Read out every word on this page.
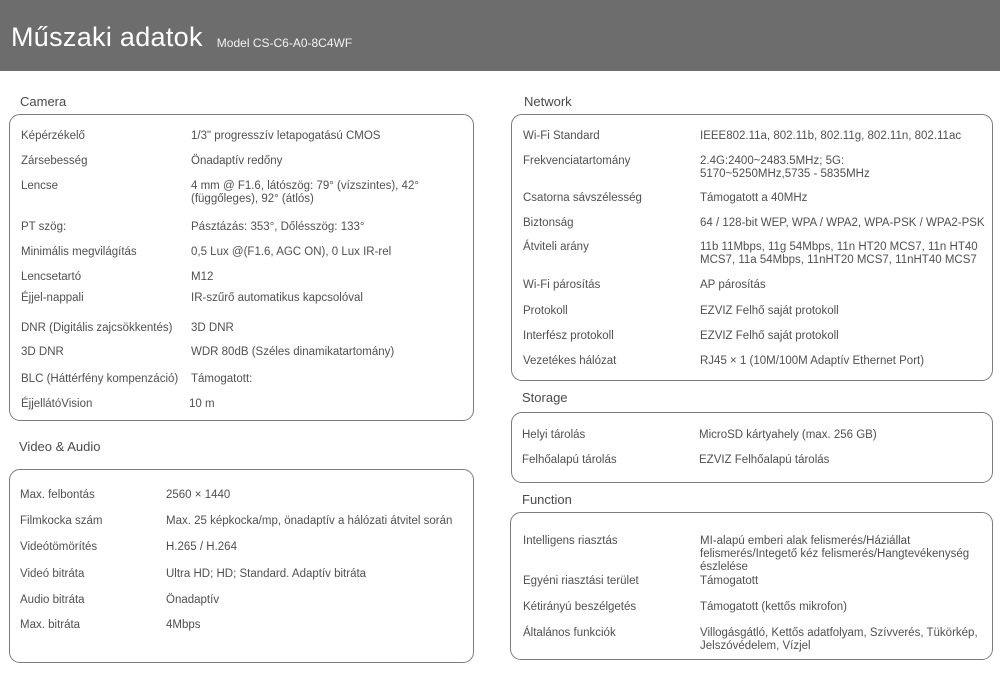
Műszaki adatok Model CS-C6-A0-8C4WF
Camera
Képérzékelő	1/3" progresszív letapogatású CMOS
Zársebesség	Önadaptív redőny
Lencse	4 mm @ F1.6, látószög: 79° (vízszintes), 42° (függőleges), 92° (átlós)
PT szög:	Pásztázás: 353°, Dőlésszög: 133°
Minimális megvilágítás	0,5 Lux @(F1.6, AGC ON), 0 Lux IR-rel
Lencsetartó	M12
Éjjel-nappali	IR-szűrő automatikus kapcsolóval
DNR (Digitális zajcsökkentés) 3D DNR
3D DNR	WDR 80dB (Széles dinamikatartomány)
BLC (Háttérfény kompenzáció) Támogatott:
ÉjjellátóVision	10 m
Video & Audio
Max. felbontás	2560 × 1440
Filmkocka szám	Max. 25 képkocka/mp, önadaptív a hálózati átvitel során
Videótömörítés	H.265 / H.264
Videó bitráta	Ultra HD; HD; Standard. Adaptív bitráta
Audio bitráta	Önadaptív
Max. bitráta	4Mbps
Network
Wi-Fi Standard	IEEE802.11a, 802.11b, 802.11g, 802.11n, 802.11ac
Frekvenciatartomány	2.4G:2400~2483.5MHz; 5G: 5170~5250MHz,5735 - 5835MHz
Csatorna sávszélesség	Támogatott a 40MHz
Biztonság	64 / 128-bit WEP, WPA / WPA2, WPA-PSK / WPA2-PSK
Átviteli arány	11b 11Mbps, 11g 54Mbps, 11n HT20 MCS7, 11n HT40 MCS7, 11a 54Mbps, 11nHT20 MCS7, 11nHT40 MCS7
Wi-Fi párosítás	AP párosítás
Protokoll	EZVIZ Felhő saját protokoll
Interfész protokoll	EZVIZ Felhő saját protokoll
Vezetékes hálózat	RJ45 × 1 (10M/100M Adaptív Ethernet Port)
Storage
Helyi tárolás	MicroSD kártyahely (max. 256 GB)
Felhőalapú tárolás	EZVIZ Felhőalapú tárolás
Function
Intelligens riasztás	MI-alapú emberi alak felismerés/Háziállat felismerés/Integető kéz felismerés/Hangtevékenység észlelése
Egyéni riasztási terület	Támogatott
Kétirányú beszélgetés	Támogatott (kettős mikrofon)
Általános funkciók	Villogásgátló, Kettős adatfolyam, Szívverés, Tükörkép, Jelszóvédelem, Vízjel
